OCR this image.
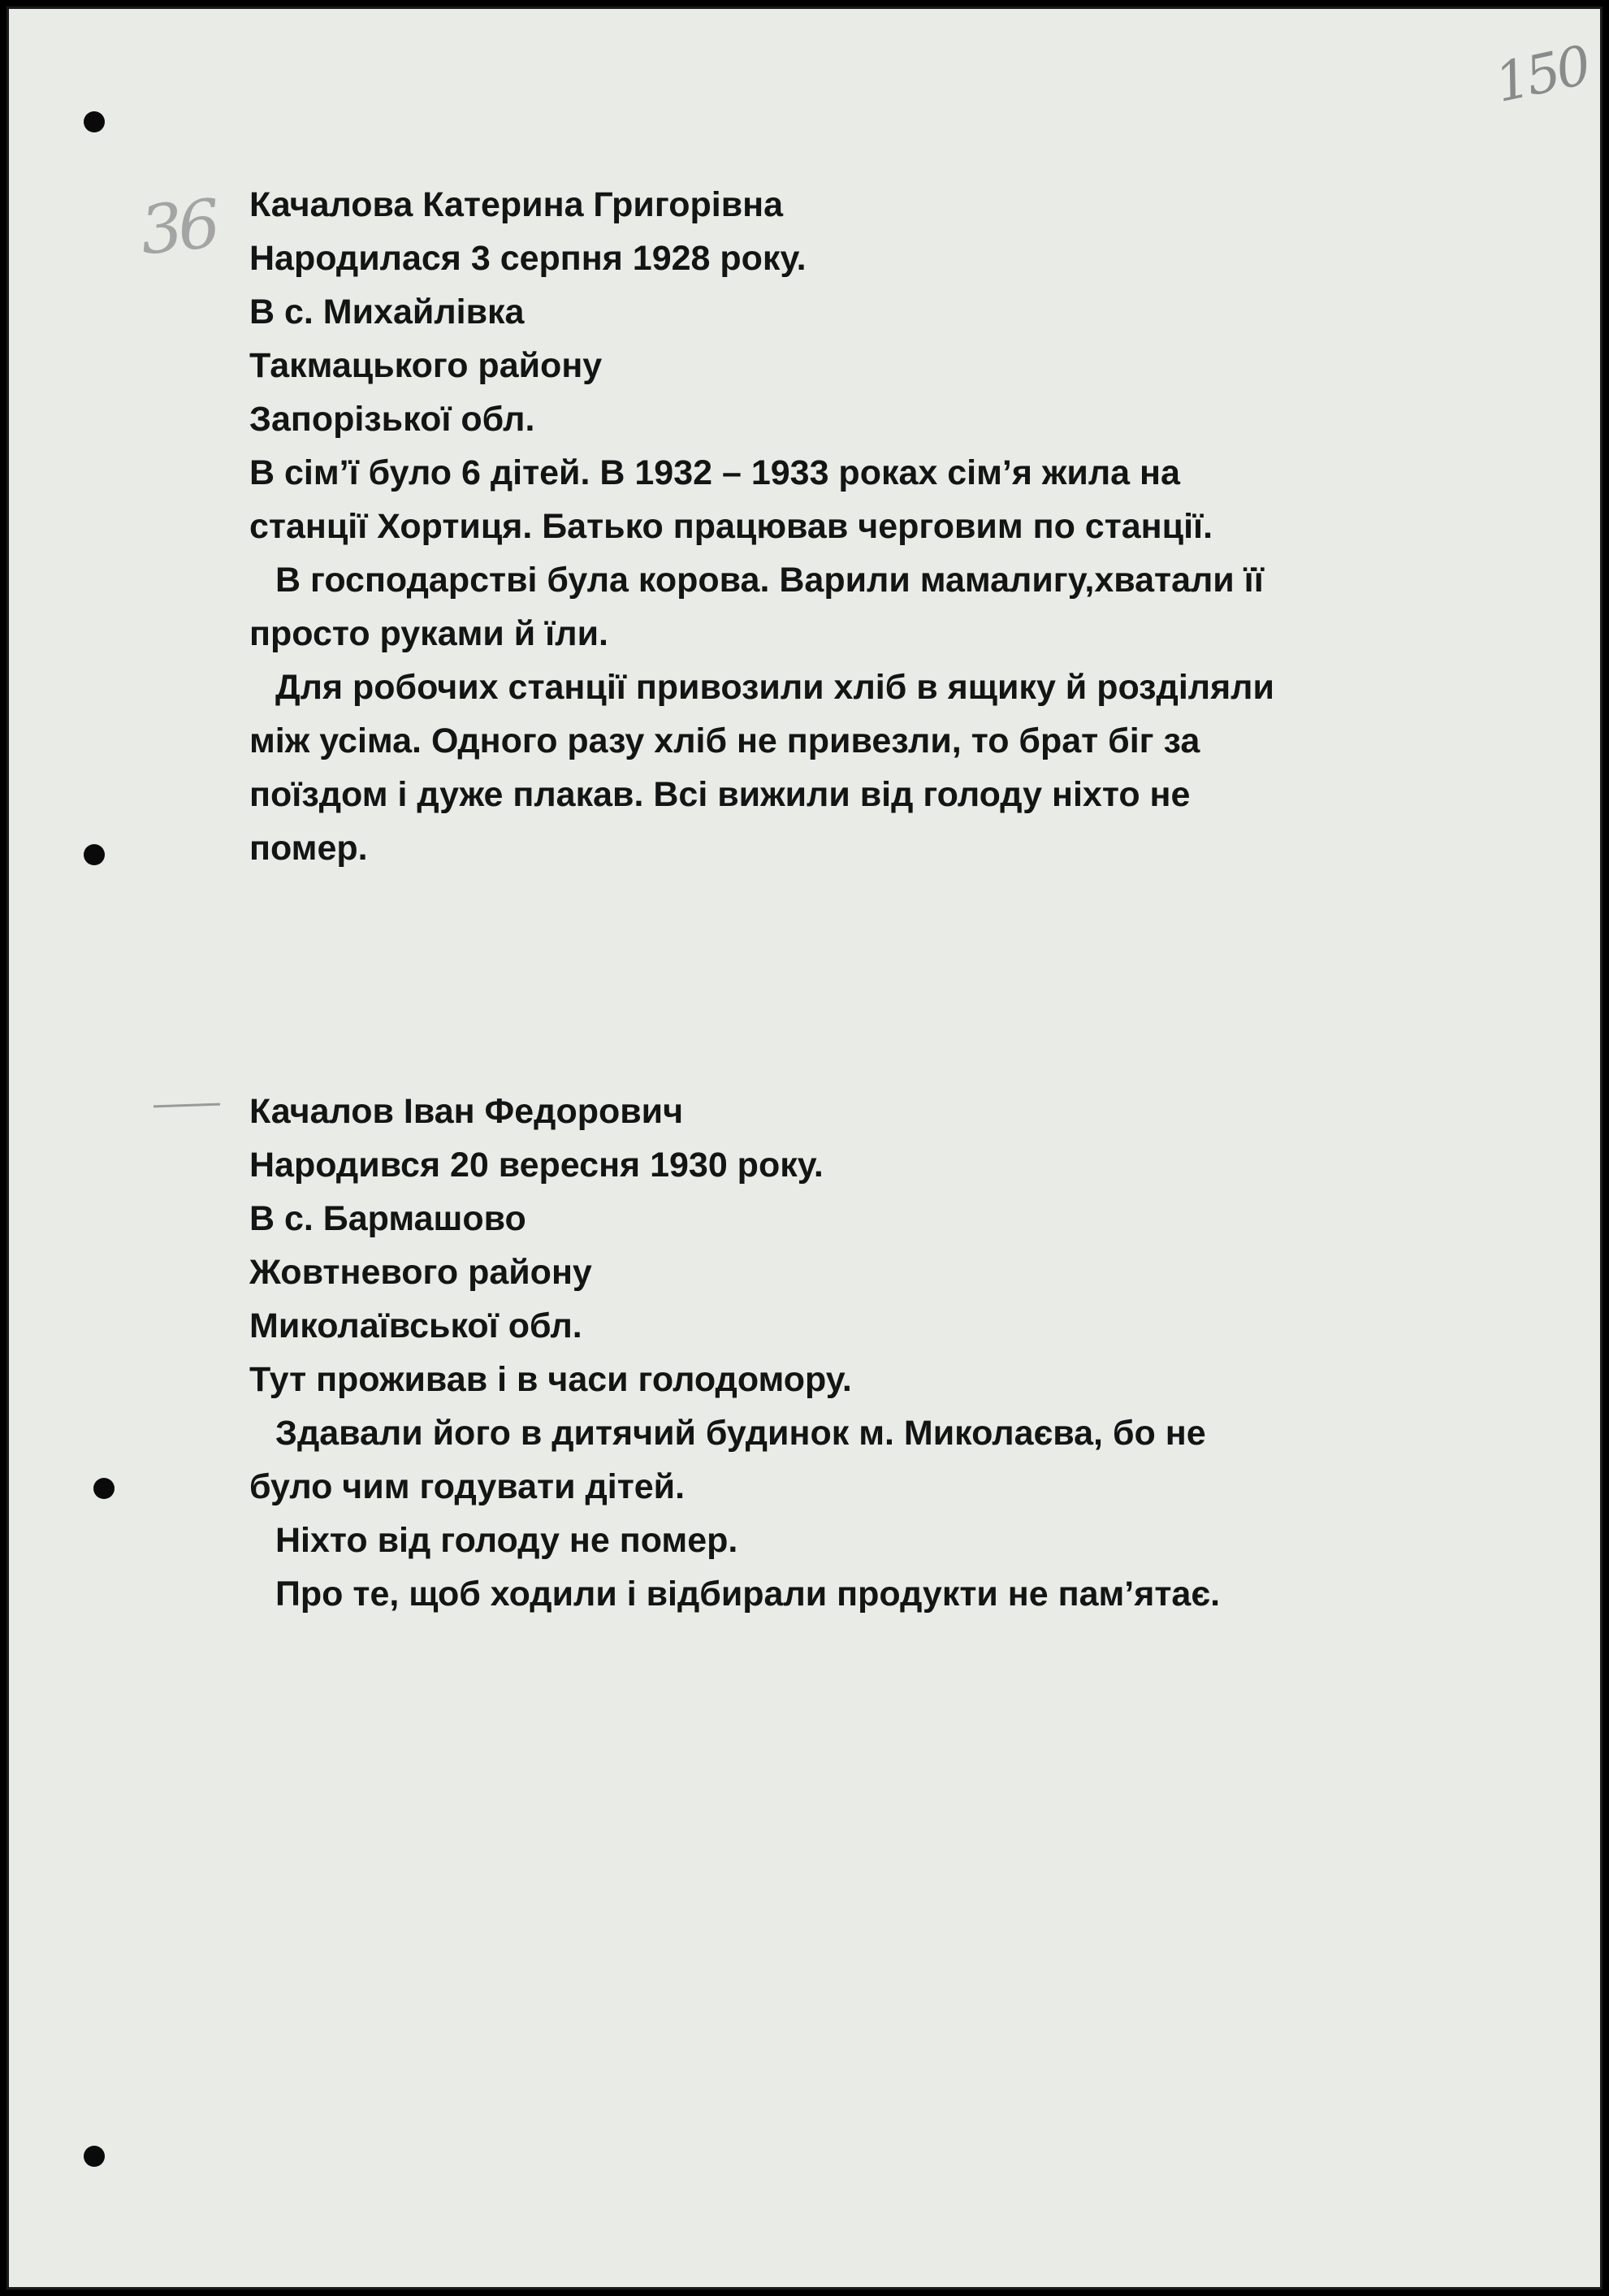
150
36 Качалова Катерина Григорівна
Народилася 3 серпня 1928 року.
В с. Михайлівка
Такмацького району
Запорізької обл.
В сім’ї було 6 дітей. В 1932 – 1933 роках сім’я жила на
станції Хортиця. Батько працював черговим по станції.
В господарстві була корова. Варили мамалигу,хватали її
просто руками й їли.
Для робочих станції привозили хліб в ящику й розділяли
між усіма. Одного разу хліб не привезли, то брат біг за
поїздом і дуже плакав. Всі вижили від голоду ніхто не
помер.
Качалов Іван Федорович
Народився 20 вересня 1930 року.
В с. Бармашово
Жовтневого району
Миколаївської обл.
Тут проживав і в часи голодомору.
Здавали його в дитячий будинок м. Миколаєва, бо не
було чим годувати дітей.
Ніхто від голоду не помер.
Про те, щоб ходили і відбирали продукти не пам’ятає.
